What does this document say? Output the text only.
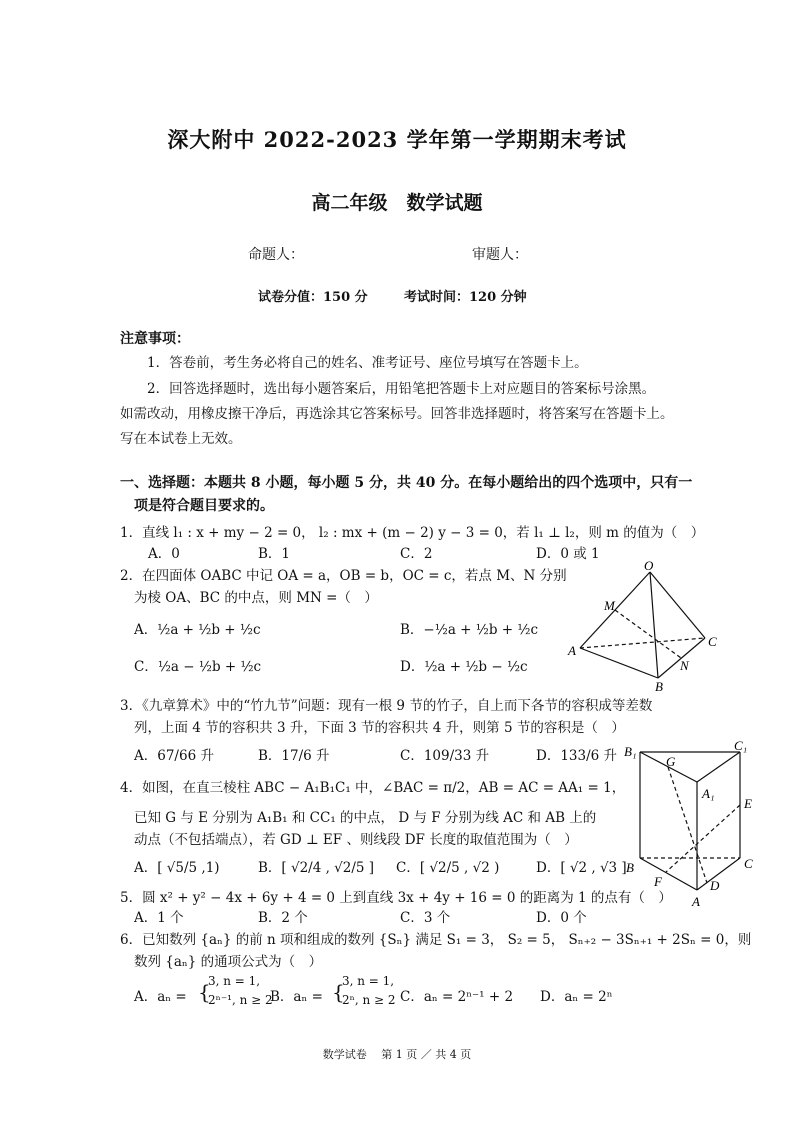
深大附中 2022-2023 学年第一学期期末考试
高二年级　数学试题
命题人：	审题人：
试卷分值：150 分	考试时间：120 分钟
注意事项：
1．答卷前，考生务必将自己的姓名、准考证号、座位号填写在答题卡上。
2．回答选择题时，选出每小题答案后，用铅笔把答题卡上对应题目的答案标号涂黑。
如需改动，用橡皮擦干净后，再选涂其它答案标号。回答非选择题时，将答案写在答题卡上。
写在本试卷上无效。
一、选择题：本题共 8 小题，每小题 5 分，共 40 分。在每小题给出的四个选项中，只有一
项是符合题目要求的。
1．直线 l₁ : x + my − 2 = 0， l₂ : mx + (m − 2) y − 3 = 0，若 l₁ ⊥ l₂，则 m 的值为（　）
A．0	B．1	C．2	D．0 或 1
2．在四面体 OABC 中记 OA = a，OB = b，OC = c，若点 M、N 分别
为棱 OA、BC 的中点，则 MN =（　）
A．½a + ½b + ½c	B．−½a + ½b + ½c
C．½a − ½b + ½c	D．½a + ½b − ½c
O
M
A
C
N
B
3．《九章算术》中的“竹九节”问题：现有一根 9 节的竹子，自上而下各节的容积成等差数
列，上面 4 节的容积共 3 升，下面 3 节的容积共 4 升，则第 5 节的容积是（　）
A．67/66 升	B．17/6 升	C．109/33 升	D．133/6 升
4．如图，在直三棱柱 ABC − A₁B₁C₁ 中，∠BAC = π/2，AB = AC = AA₁ = 1，
已知 G 与 E 分别为 A₁B₁ 和 CC₁ 的中点， D 与 F 分别为线 AC 和 AB 上的
动点（不包括端点），若 GD ⊥ EF 、则线段 DF 长度的取值范围为（　）
A．[ √5/5 ,1)	B．[ √2/4 , √2/5 ] C．[ √2/5 , √2 )	D．[ √2 , √3 ]
B₁
G
C₁
A₁
E
B
F
C
D
A
5．圆 x² + y² − 4x + 6y + 4 = 0 上到直线 3x + 4y + 16 = 0 的距离为 1 的点有（　）
A．1 个	B．2 个	C．3 个	D．0 个
6．已知数列 {aₙ} 的前 n 项和组成的数列 {Sₙ} 满足 S₁ = 3， S₂ = 5， Sₙ₊₂ − 3Sₙ₊₁ + 2Sₙ = 0，则
数列 {aₙ} 的通项公式为（　）
A．aₙ = {
3, n = 1,
2ⁿ⁻¹, n ≥ 2
B．aₙ = {
3, n = 1,
2ⁿ, n ≥ 2 C．aₙ = 2ⁿ⁻¹ + 2 D．aₙ = 2ⁿ
数学试卷　 第 1 页 ／ 共 4 页
